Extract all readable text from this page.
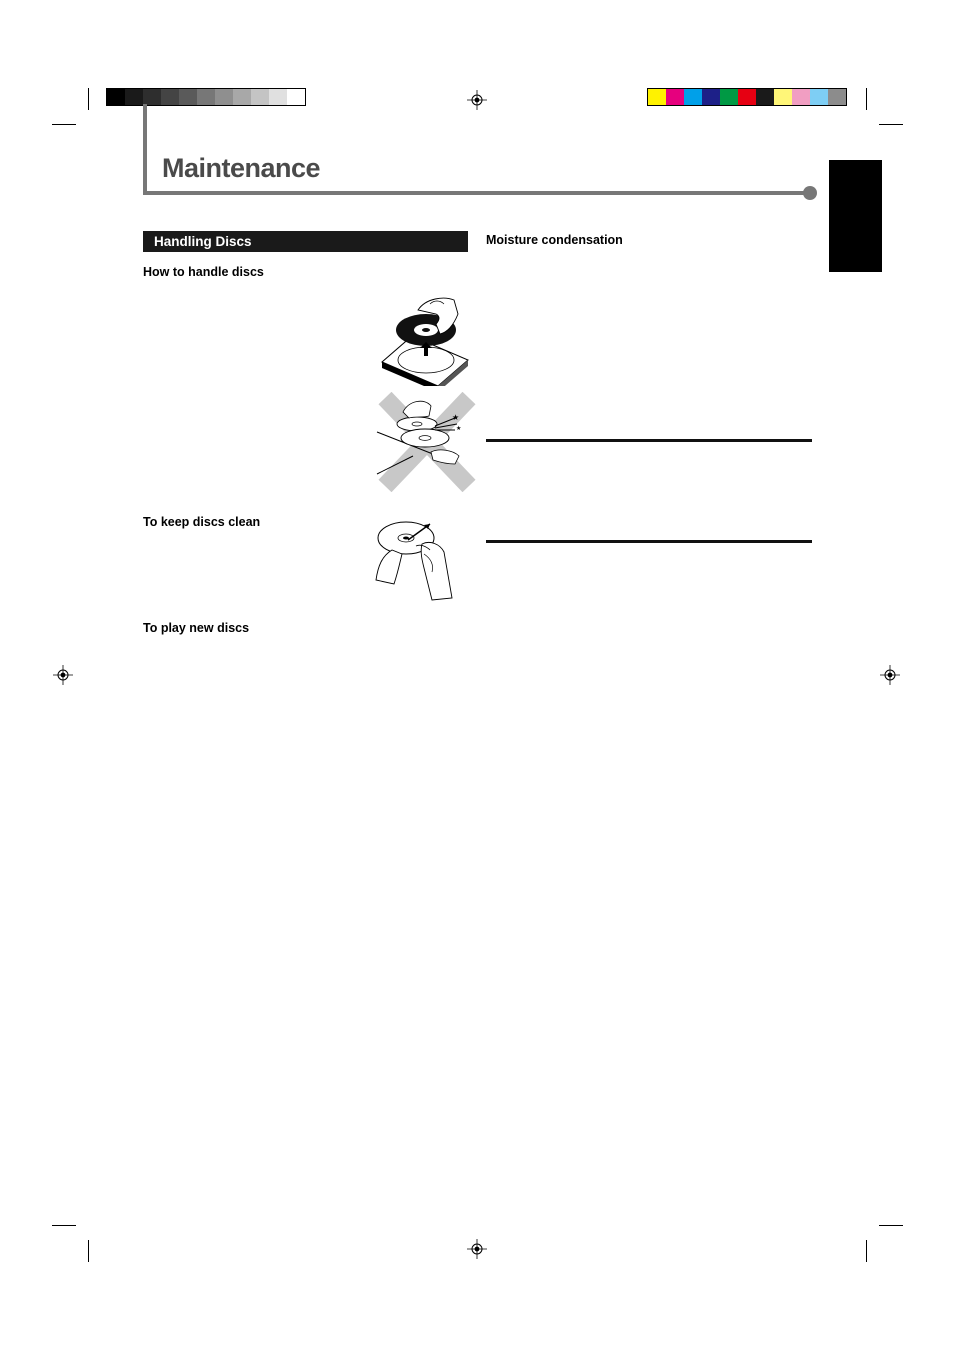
Maintenance
Handling Discs
How to handle discs
To keep discs clean
To play new discs
★
★
Moisture condensation
